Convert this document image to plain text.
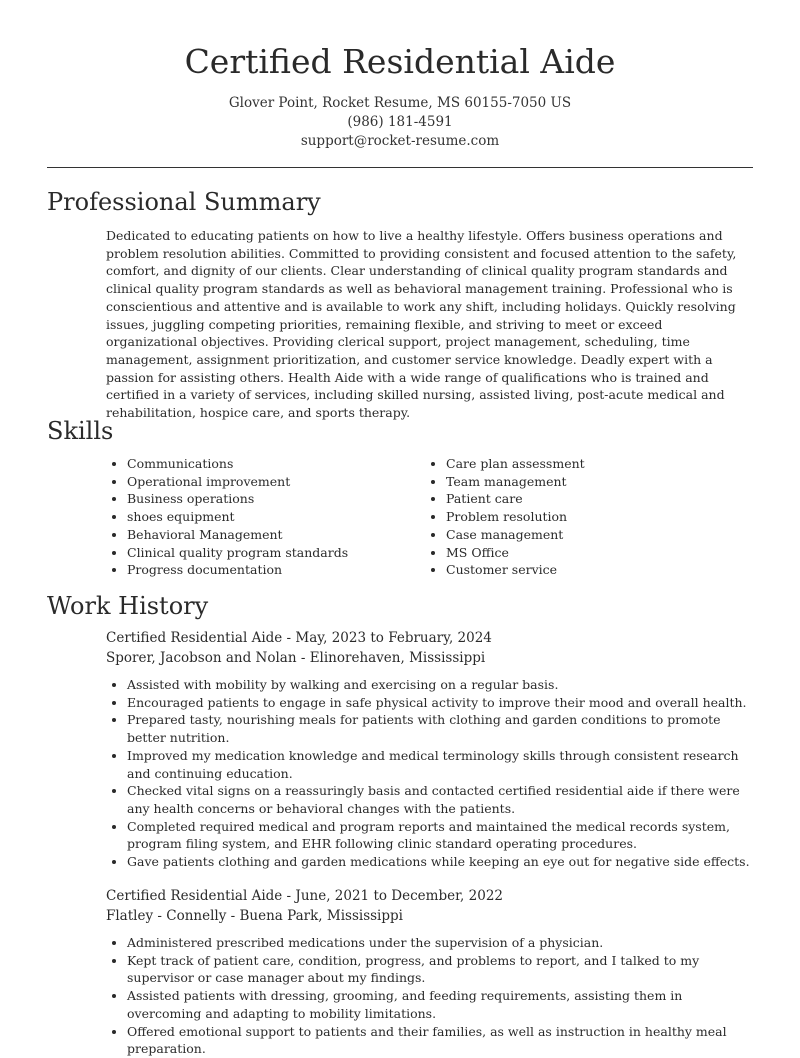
Certified Residential Aide
Glover Point, Rocket Resume, MS 60155-7050 US
(986) 181-4591
support@rocket-resume.com
Professional Summary
Dedicated to educating patients on how to live a healthy lifestyle. Offers business operations and problem resolution abilities. Committed to providing consistent and focused attention to the safety, comfort, and dignity of our clients. Clear understanding of clinical quality program standards and clinical quality program standards as well as behavioral management training. Professional who is conscientious and attentive and is available to work any shift, including holidays. Quickly resolving issues, juggling competing priorities, remaining flexible, and striving to meet or exceed organizational objectives. Providing clerical support, project management, scheduling, time management, assignment prioritization, and customer service knowledge. Deadly expert with a passion for assisting others. Health Aide with a wide range of qualifications who is trained and certified in a variety of services, including skilled nursing, assisted living, post-acute medical and rehabilitation, hospice care, and sports therapy.
Skills
• Communications
• Operational improvement
• Business operations
• shoes equipment
• Behavioral Management
• Clinical quality program standards
• Progress documentation
• Care plan assessment
• Team management
• Patient care
• Problem resolution
• Case management
• MS Office
• Customer service
Work History
Certified Residential Aide - May, 2023 to February, 2024
Sporer, Jacobson and Nolan - Elinorehaven, Mississippi
• Assisted with mobility by walking and exercising on a regular basis.
• Encouraged patients to engage in safe physical activity to improve their mood and overall health.
• Prepared tasty, nourishing meals for patients with clothing and garden conditions to promote better nutrition.
• Improved my medication knowledge and medical terminology skills through consistent research and continuing education.
• Checked vital signs on a reassuringly basis and contacted certified residential aide if there were any health concerns or behavioral changes with the patients.
• Completed required medical and program reports and maintained the medical records system, program filing system, and EHR following clinic standard operating procedures.
• Gave patients clothing and garden medications while keeping an eye out for negative side effects.
Certified Residential Aide - June, 2021 to December, 2022
Flatley - Connelly - Buena Park, Mississippi
• Administered prescribed medications under the supervision of a physician.
• Kept track of patient care, condition, progress, and problems to report, and I talked to my supervisor or case manager about my findings.
• Assisted patients with dressing, grooming, and feeding requirements, assisting them in overcoming and adapting to mobility limitations.
• Offered emotional support to patients and their families, as well as instruction in healthy meal preparation.
